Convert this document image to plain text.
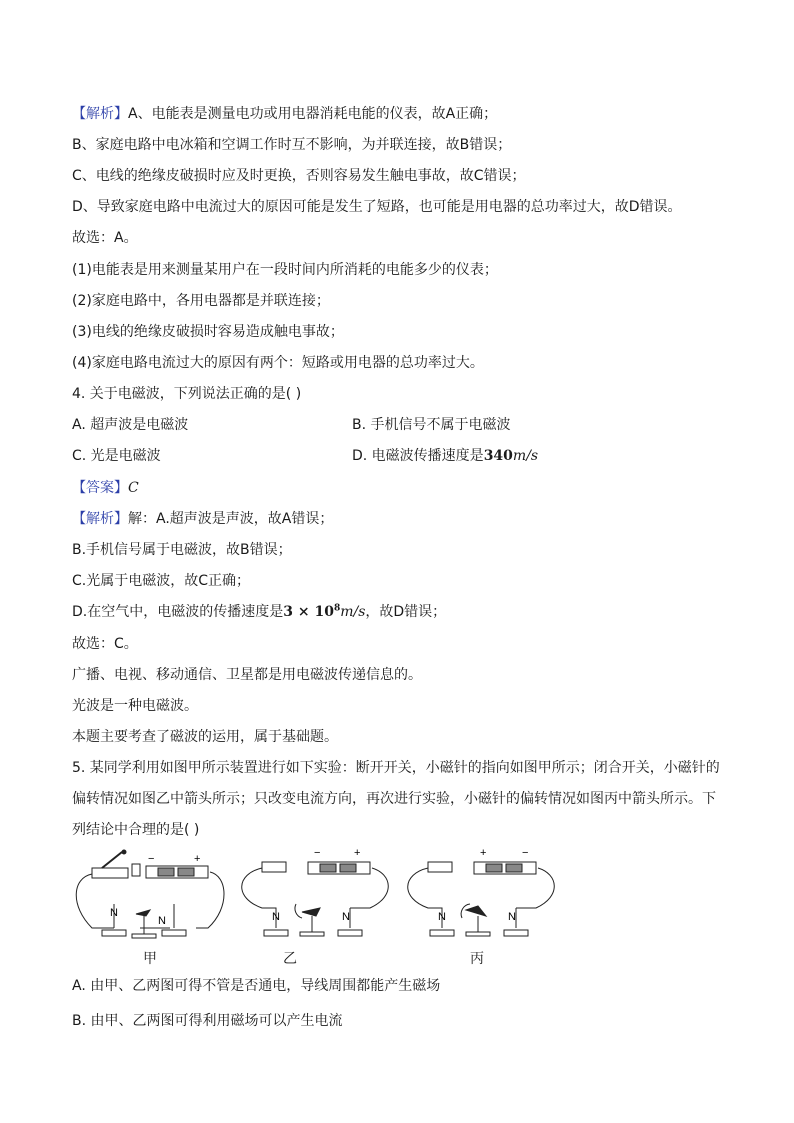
【解析】A、电能表是测量电功或用电器消耗电能的仪表，故A正确；
B、家庭电路中电冰箱和空调工作时互不影响，为并联连接，故B错误；
C、电线的绝缘皮破损时应及时更换，否则容易发生触电事故，故C错误；
D、导致家庭电路中电流过大的原因可能是发生了短路，也可能是用电器的总功率过大，故D错误。
故选：A。
(1)电能表是用来测量某用户在一段时间内所消耗的电能多少的仪表；
(2)家庭电路中，各用电器都是并联连接；
(3)电线的绝缘皮破损时容易造成触电事故；
(4)家庭电路电流过大的原因有两个：短路或用电器的总功率过大。
4. 关于电磁波，下列说法正确的是( )
A. 超声波是电磁波	B. 手机信号不属于电磁波
C. 光是电磁波	D. 电磁波传播速度是340m/s
【答案】C
【解析】解：A.超声波是声波，故A错误；
B.手机信号属于电磁波，故B错误；
C.光属于电磁波，故C正确；
D.在空气中，电磁波的传播速度是$3 \times 10^8m/s$，故D错误；
故选：C。
广播、电视、移动通信、卫星都是用电磁波传递信息的。
光波是一种电磁波。
本题主要考查了磁波的运用，属于基础题。
5. 某同学利用如图甲所示装置进行如下实验：断开开关，小磁针的指向如图甲所示；闭合开关，小磁针的
偏转情况如图乙中箭头所示；只改变电流方向，再次进行实验，小磁针的偏转情况如图丙中箭头所示。下
列结论中合理的是( )
−	+
N
N
甲
−	+
N	N
乙
+	−
N	N
丙
A. 由甲、乙两图可得不管是否通电，导线周围都能产生磁场
B. 由甲、乙两图可得利用磁场可以产生电流
